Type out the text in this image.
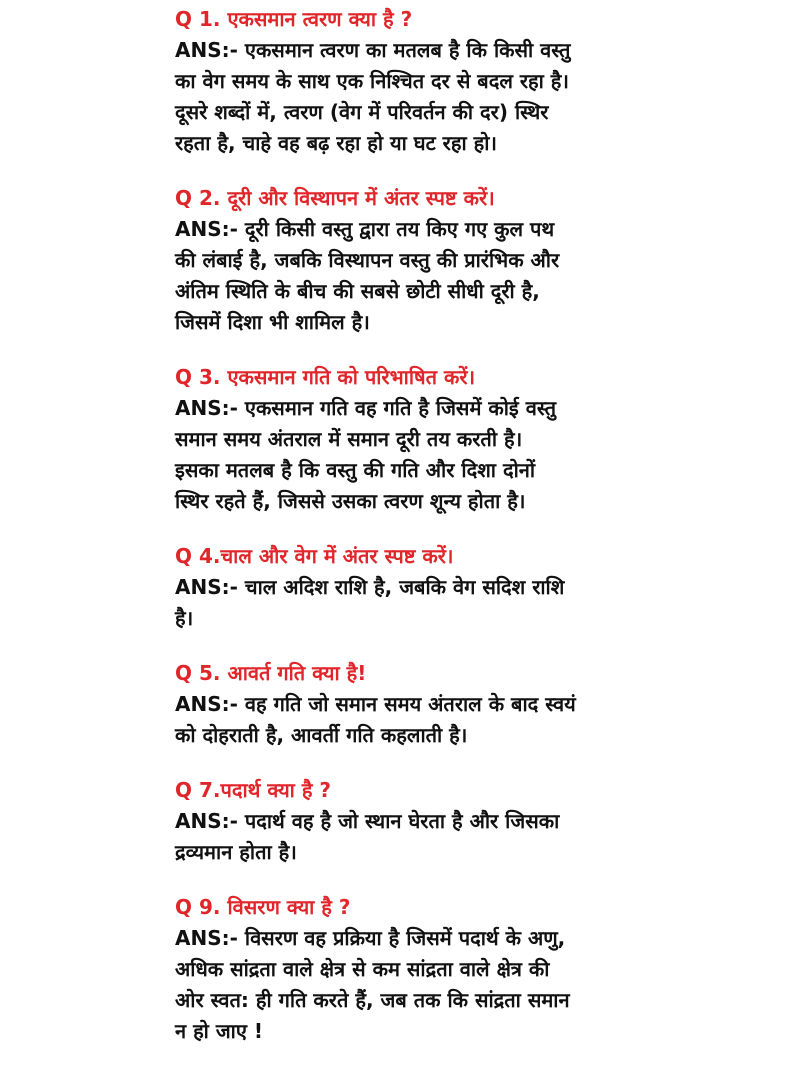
Q 1. एकसमान त्वरण क्या है ?

ANS:- एकसमान त्वरण का मतलब है कि किसी वस्तु
का वेग समय के साथ एक निश्चित दर से बदल रहा है।
दूसरे शब्दों में, त्वरण (वेग में परिवर्तन की दर) स्थिर
रहता है, चाहे वह बढ़ रहा हो या घट रहा हो।

Q 2. दूरी और विस्थापन में अंतर स्पष्ट करें।

ANS:- दूरी किसी वस्तु द्वारा तय किए गए कुल पथ
की लंबाई है, जबकि विस्थापन वस्तु की प्रारंभिक और
अंतिम स्थिति के बीच की सबसे छोटी सीधी दूरी है,
जिसमें दिशा भी शामिल है।

Q 3. एकसमान गति को परिभाषित करें।

ANS:- एकसमान गति वह गति है जिसमें कोई वस्तु
समान समय अंतराल में समान दूरी तय करती है।
इसका मतलब है कि वस्तु की गति और दिशा दोनों
स्थिर रहते हैं, जिससे उसका त्वरण शून्य होता है।

Q 4.चाल और वेग में अंतर स्पष्ट करें।

ANS:- चाल अदिश राशि है, जबकि वेग सदिश राशि
है।

Q 5. आवर्त गति क्या है!

ANS:- वह गति जो समान समय अंतराल के बाद स्वयं
को दोहराती है, आवर्ती गति कहलाती है।

Q 7.पदार्थ क्या है ?

ANS:- पदार्थ वह है जो स्थान घेरता है और जिसका
द्रव्यमान होता है।

Q 9. विसरण क्या है ?

ANS:- विसरण वह प्रक्रिया है जिसमें पदार्थ के अणु,
अधिक सांद्रता वाले क्षेत्र से कम सांद्रता वाले क्षेत्र की
ओर स्वत: ही गति करते हैं, जब तक कि सांद्रता समान
न हो जाए !
